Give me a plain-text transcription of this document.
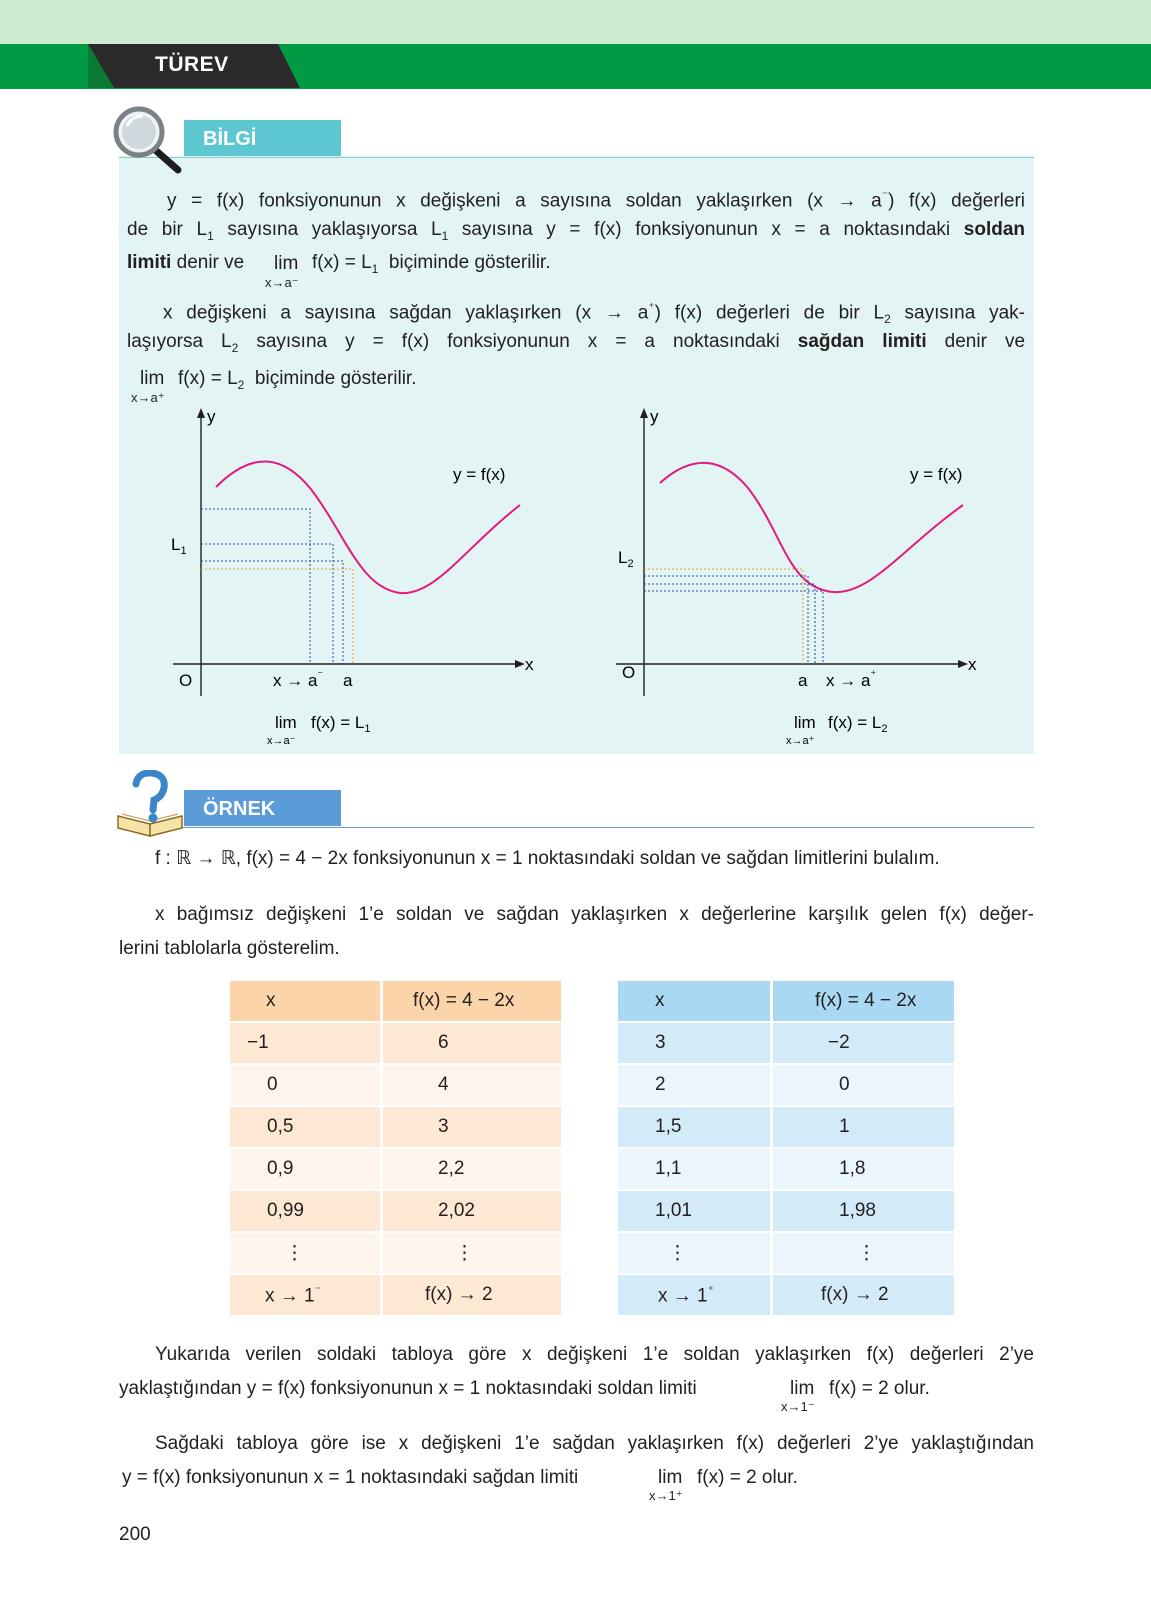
TÜREV
BİLGİ
y = f(x) fonksiyonunun x değişkeni a sayısına soldan yaklaşırken (x → a⁻) f(x) değerleri
de bir $L_1$ sayısına yaklaşıyorsa $L_1$ sayısına y = f(x) fonksiyonunun x = a noktasındaki soldan
limiti denir ve	lim
x→a⁻
$f(x) = L_1$ biçiminde gösterilir.
x değişkeni a sayısına sağdan yaklaşırken (x → a⁺) f(x) değerleri de bir $L_2$ sayısına yak-
laşıyorsa $L_2$ sayısına y = f(x) fonksiyonunun x = a noktasındaki sağdan limiti denir ve
lim
x→a⁺
$f(x) = L_2$ biçiminde gösterilir.
y
x
O
y = f(x)
$L_1$
x → a⁻ a
lim
x→a⁻
$f(x) = L_1$
y
x
O
y = f(x)
$L_2$
a x → a⁺
lim
x→a⁺
$f(x) = L_2$
ÖRNEK
f : ℝ → ℝ, f(x) = 4 − 2x fonksiyonunun x = 1 noktasındaki soldan ve sağdan limitlerini bulalım.
x bağımsız değişkeni 1’e soldan ve sağdan yaklaşırken x değerlerine karşılık gelen f(x) değer-
lerini tablolarla gösterelim.
x	f(x) = 4 − 2x
−1	6
0	4
0,5	3
0,9	2,2
0,99	2,02
⋮	⋮
x → 1⁻	f(x) → 2
x	f(x) = 4 − 2x
3	−2
2	0
1,5	1
1,1	1,8
1,01	1,98
⋮	⋮
x → 1⁺	f(x) → 2
Yukarıda verilen soldaki tabloya göre x değişkeni 1’e soldan yaklaşırken f(x) değerleri 2’ye
yaklaştığından y = f(x) fonksiyonunun x = 1 noktasındaki soldan limiti	lim
x→1⁻
f(x) = 2 olur.
Sağdaki tabloya göre ise x değişkeni 1’e sağdan yaklaşırken f(x) değerleri 2’ye yaklaştığından
y = f(x) fonksiyonunun x = 1 noktasındaki sağdan limiti	lim
x→1⁺
f(x) = 2 olur.
200
